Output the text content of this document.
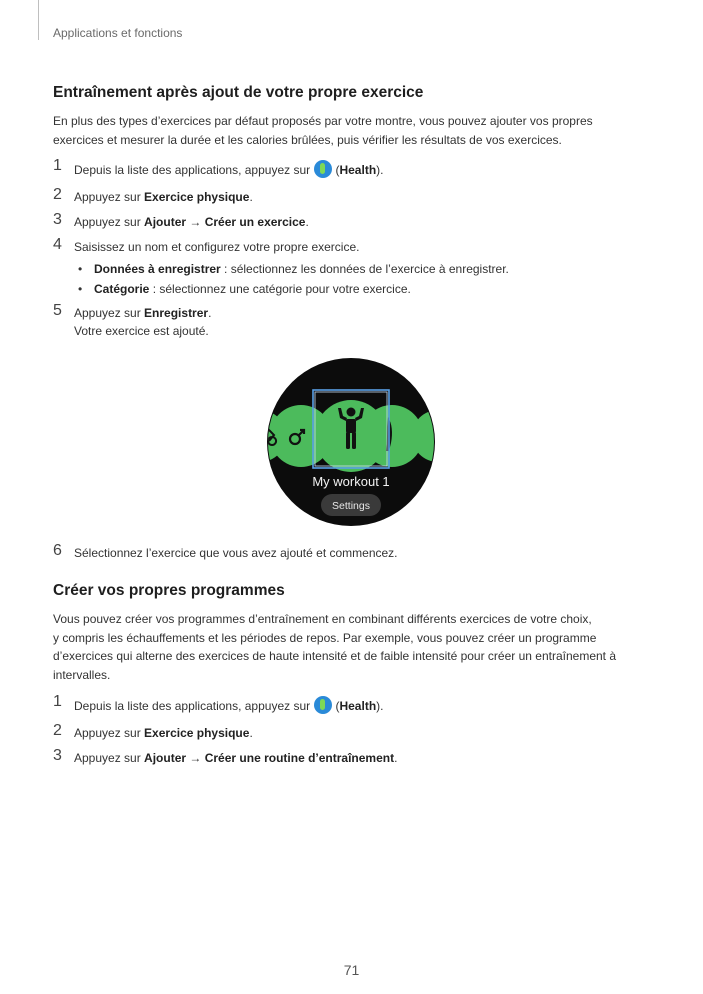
Applications et fonctions
Entraînement après ajout de votre propre exercice

En plus des types d’exercices par défaut proposés par votre montre, vous pouvez ajouter vos propres
exercices et mesurer la durée et les calories brûlées, puis vérifier les résultats de vos exercices.

1 Depuis la liste des applications, appuyez sur (Health).
2 Appuyez sur Exercice physique.
3 Appuyez sur Ajouter → Créer un exercice.
4 Saisissez un nom et configurez votre propre exercice.
• Données à enregistrer : sélectionnez les données de l’exercice à enregistrer.
• Catégorie : sélectionnez une catégorie pour votre exercice.
5 Appuyez sur Enregistrer.
Votre exercice est ajouté.
My workout 1
Settings
6 Sélectionnez l’exercice que vous avez ajouté et commencez.
Créer vos propres programmes

Vous pouvez créer vos programmes d’entraînement en combinant différents exercices de votre choix,
y compris les échauffements et les périodes de repos. Par exemple, vous pouvez créer un programme
d’exercices qui alterne des exercices de haute intensité et de faible intensité pour créer un entraînement à
intervalles.

1 Depuis la liste des applications, appuyez sur (Health).
2 Appuyez sur Exercice physique.
3 Appuyez sur Ajouter → Créer une routine d’entraînement.
71
